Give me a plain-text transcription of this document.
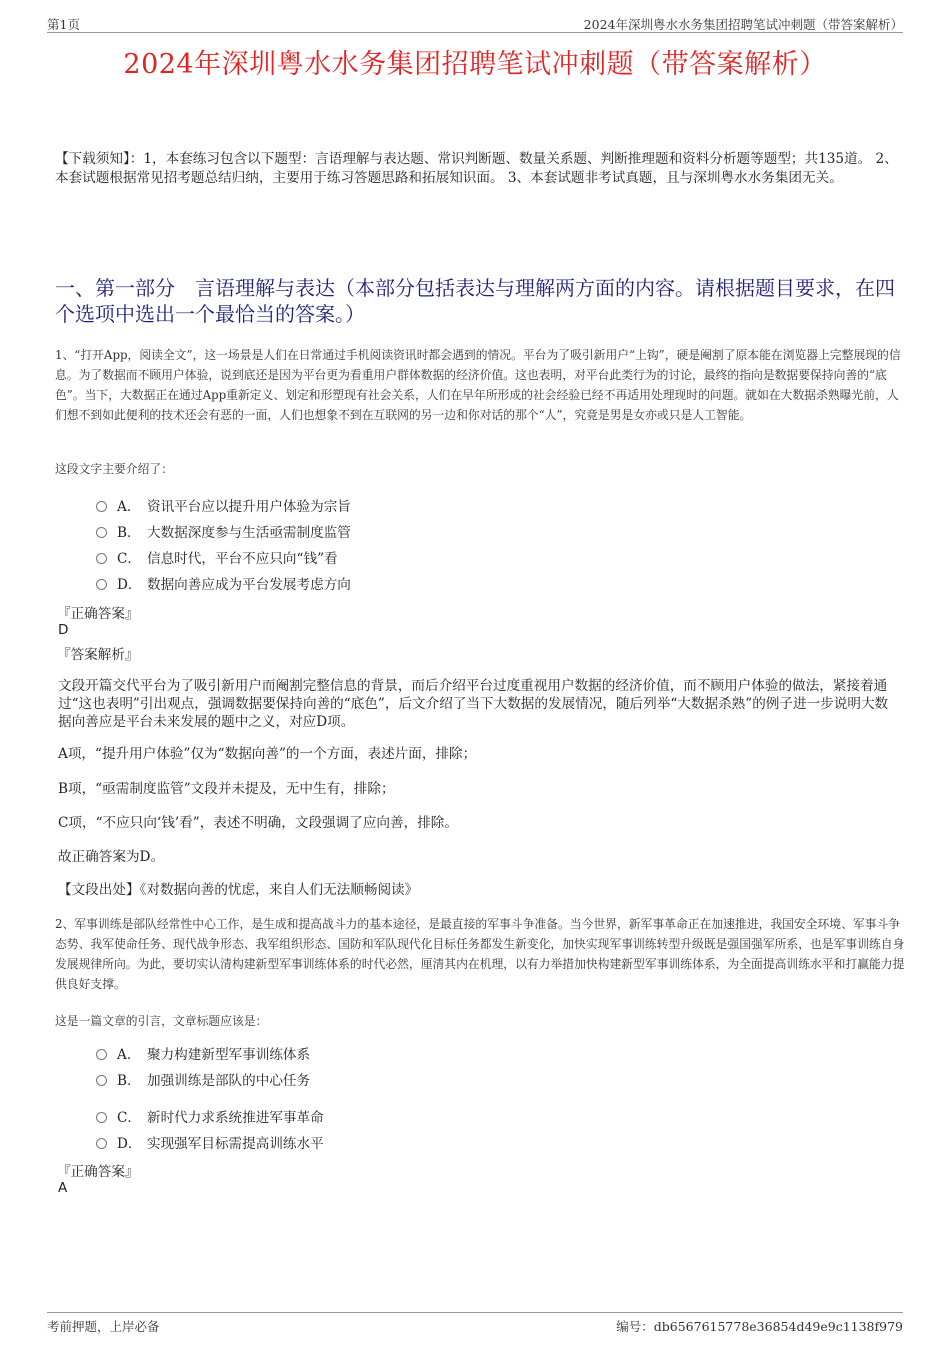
第1页	2024年深圳粤水水务集团招聘笔试冲刺题（带答案解析）
2024年深圳粤水水务集团招聘笔试冲刺题（带答案解析）
【下载须知】：1，本套练习包含以下题型：言语理解与表达题、常识判断题、数量关系题、判断推理题和资料分析题等题型；共135道。 2、本套试题根据常见招考题总结归纳，主要用于练习答题思路和拓展知识面。 3、本套试题非考试真题，且与深圳粤水水务集团无关。
一、第一部分　言语理解与表达（本部分包括表达与理解两方面的内容。请根据题目要求，在四个选项中选出一个最恰当的答案。）
1、“打开App，阅读全文”，这一场景是人们在日常通过手机阅读资讯时都会遇到的情况。平台为了吸引新用户“上钩”，硬是阉割了原本能在浏览器上完整展现的信息。为了数据而不顾用户体验，说到底还是因为平台更为看重用户群体数据的经济价值。这也表明，对平台此类行为的讨论，最终的指向是数据要保持向善的“底色”。当下，大数据正在通过App重新定义、划定和形塑现有社会关系，人们在早年所形成的社会经验已经不再适用处理现时的问题。就如在大数据杀熟曝光前，人们想不到如此便利的技术还会有恶的一面，人们也想象不到在互联网的另一边和你对话的那个“人”，究竟是男是女亦或只是人工智能。
这段文字主要介绍了：
A． 资讯平台应以提升用户体验为宗旨
B． 大数据深度参与生活亟需制度监管
C． 信息时代，平台不应只向“钱”看
D． 数据向善应成为平台发展考虑方向
『正确答案』
D
『答案解析』
文段开篇交代平台为了吸引新用户而阉割完整信息的背景，而后介绍平台过度重视用户数据的经济价值，而不顾用户体验的做法，紧接着通过“这也表明”引出观点，强调数据要保持向善的“底色”，后文介绍了当下大数据的发展情况，随后列举“大数据杀熟”的例子进一步说明大数据向善应是平台未来发展的题中之义，对应D项。
A项，“提升用户体验”仅为“数据向善”的一个方面，表述片面，排除；
B项，“亟需制度监管”文段并未提及，无中生有，排除；
C项，“不应只向‘钱’看”，表述不明确，文段强调了应向善，排除。
故正确答案为D。
【文段出处】《对数据向善的忧虑，来自人们无法顺畅阅读》
2、军事训练是部队经常性中心工作，是生成和提高战斗力的基本途径，是最直接的军事斗争准备。当今世界，新军事革命正在加速推进，我国安全环境、军事斗争态势、我军使命任务、现代战争形态、我军组织形态、国防和军队现代化目标任务都发生新变化，加快实现军事训练转型升级既是强国强军所系，也是军事训练自身发展规律所向。为此，要切实认清构建新型军事训练体系的时代必然，厘清其内在机理，以有力举措加快构建新型军事训练体系，为全面提高训练水平和打赢能力提供良好支撑。
这是一篇文章的引言，文章标题应该是：
A． 聚力构建新型军事训练体系
B． 加强训练是部队的中心任务
C． 新时代力求系统推进军事革命
D． 实现强军目标需提高训练水平
『正确答案』
A
考前押题，上岸必备	编号：db6567615778e36854d49e9c1138f979
